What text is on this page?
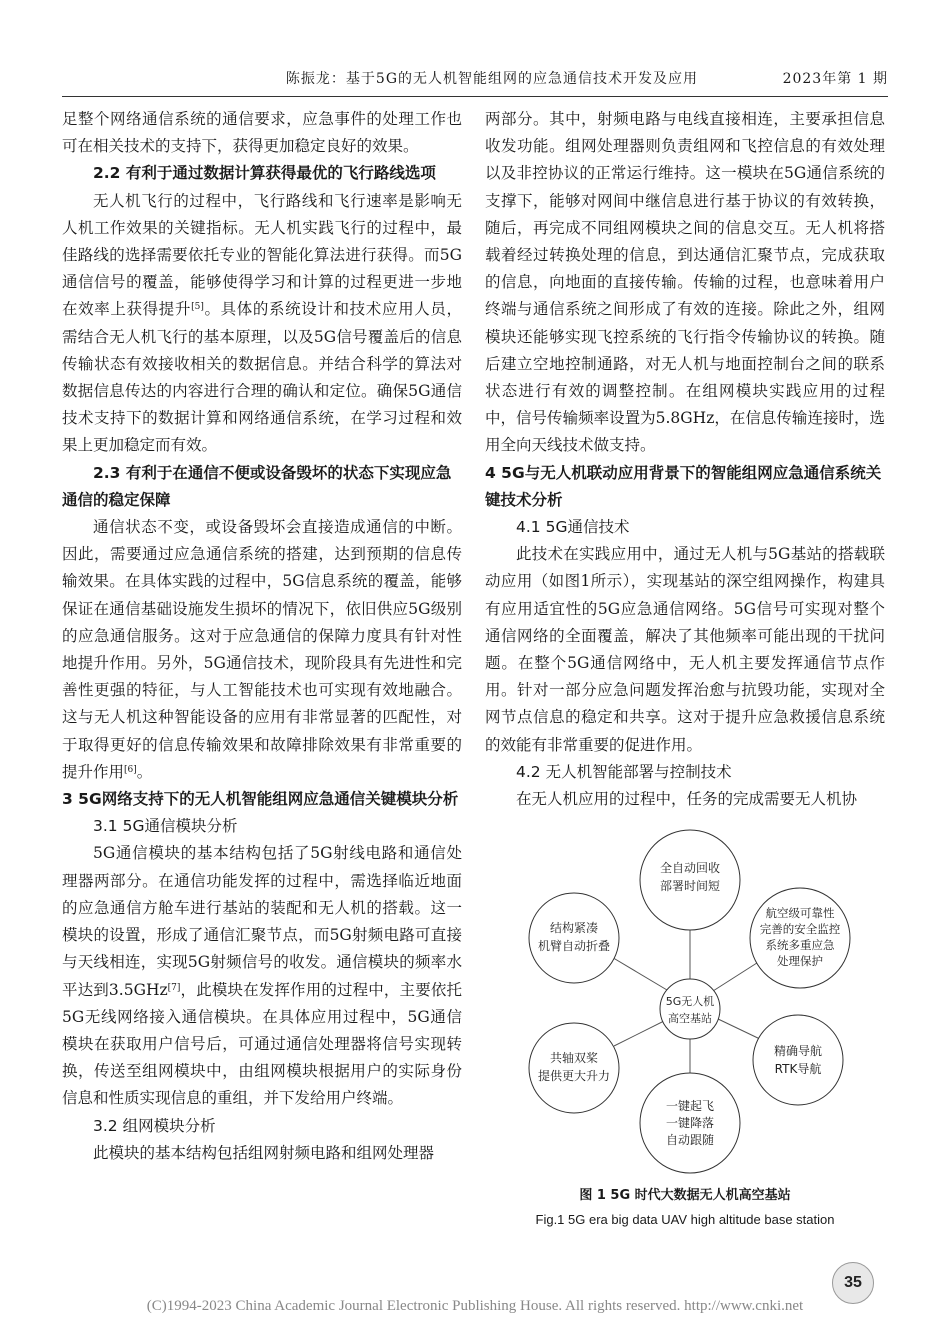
陈振龙：基于5G的无人机智能组网的应急通信技术开发及应用	2023年第 1 期

足整个网络通信系统的通信要求，应急事件的处理工作也可在相关技术的支持下，获得更加稳定良好的效果。

2.2 有利于通过数据计算获得最优的飞行路线选项

无人机飞行的过程中，飞行路线和飞行速率是影响无人机工作效果的关键指标。无人机实践飞行的过程中，最佳路线的选择需要依托专业的智能化算法进行获得。而5G通信信号的覆盖，能够使得学习和计算的过程更进一步地在效率上获得提升[5]。具体的系统设计和技术应用人员，需结合无人机飞行的基本原理，以及5G信号覆盖后的信息传输状态有效接收相关的数据信息。并结合科学的算法对数据信息传达的内容进行合理的确认和定位。确保5G通信技术支持下的数据计算和网络通信系统，在学习过程和效果上更加稳定而有效。

2.3 有利于在通信不便或设备毁坏的状态下实现应急通信的稳定保障

通信状态不变，或设备毁坏会直接造成通信的中断。因此，需要通过应急通信系统的搭建，达到预期的信息传输效果。在具体实践的过程中，5G信息系统的覆盖，能够保证在通信基础设施发生损坏的情况下，依旧供应5G级别的应急通信服务。这对于应急通信的保障力度具有针对性地提升作用。另外，5G通信技术，现阶段具有先进性和完善性更强的特征，与人工智能技术也可实现有效地融合。这与无人机这种智能设备的应用有非常显著的匹配性，对于取得更好的信息传输效果和故障排除效果有非常重要的提升作用[6]。

3 5G网络支持下的无人机智能组网应急通信关键模块分析
3.1 5G通信模块分析

5G通信模块的基本结构包括了5G射线电路和通信处理器两部分。在通信功能发挥的过程中，需选择临近地面的应急通信方舱车进行基站的装配和无人机的搭载。这一模块的设置，形成了通信汇聚节点，而5G射频电路可直接与天线相连，实现5G射频信号的收发。通信模块的频率水平达到3.5GHz[7]，此模块在发挥作用的过程中，主要依托5G无线网络接入通信模块。在具体应用过程中，5G通信模块在获取用户信号后，可通过通信处理器将信号实现转换，传送至组网模块中，由组网模块根据用户的实际身份信息和性质实现信息的重组，并下发给用户终端。

3.2 组网模块分析

此模块的基本结构包括组网射频电路和组网处理器

两部分。其中，射频电路与电线直接相连，主要承担信息收发功能。组网处理器则负责组网和飞控信息的有效处理以及非控协议的正常运行维持。这一模块在5G通信系统的支撑下，能够对网间中继信息进行基于协议的有效转换，随后，再完成不同组网模块之间的信息交互。无人机将搭载着经过转换处理的信息，到达通信汇聚节点，完成获取的信息，向地面的直接传输。传输的过程，也意味着用户终端与通信系统之间形成了有效的连接。除此之外，组网模块还能够实现飞控系统的飞行指令传输协议的转换。随后建立空地控制通路，对无人机与地面控制台之间的联系状态进行有效的调整控制。在组网模块实践应用的过程中，信号传输频率设置为5.8GHz，在信息传输连接时，选用全向天线技术做支持。

4 5G与无人机联动应用背景下的智能组网应急通信系统关键技术分析
4.1 5G通信技术

此技术在实践应用中，通过无人机与5G基站的搭载联动应用（如图1所示），实现基站的深空组网操作，构建具有应用适宜性的5G应急通信网络。5G信号可实现对整个通信网络的全面覆盖，解决了其他频率可能出现的干扰问题。在整个5G通信网络中，无人机主要发挥通信节点作用。针对一部分应急问题发挥治愈与抗毁功能，实现对全网节点信息的稳定和共享。这对于提升应急救援信息系统的效能有非常重要的促进作用。

4.2 无人机智能部署与控制技术

在无人机应用的过程中，任务的完成需要无人机协

全自动回收
部署时间短
航空级可靠性
完善的安全监控
系统多重应急
处理保护
精确导航
RTK导航
一键起飞
一键降落
自动跟随
共轴双桨
提供更大升力
结构紧凑
机臂自动折叠
5G无人机
高空基站
图 1 5G 时代大数据无人机高空基站
Fig.1 5G era big data UAV high altitude base station
35
(C)1994-2023 China Academic Journal Electronic Publishing House. All rights reserved. http://www.cnki.net
